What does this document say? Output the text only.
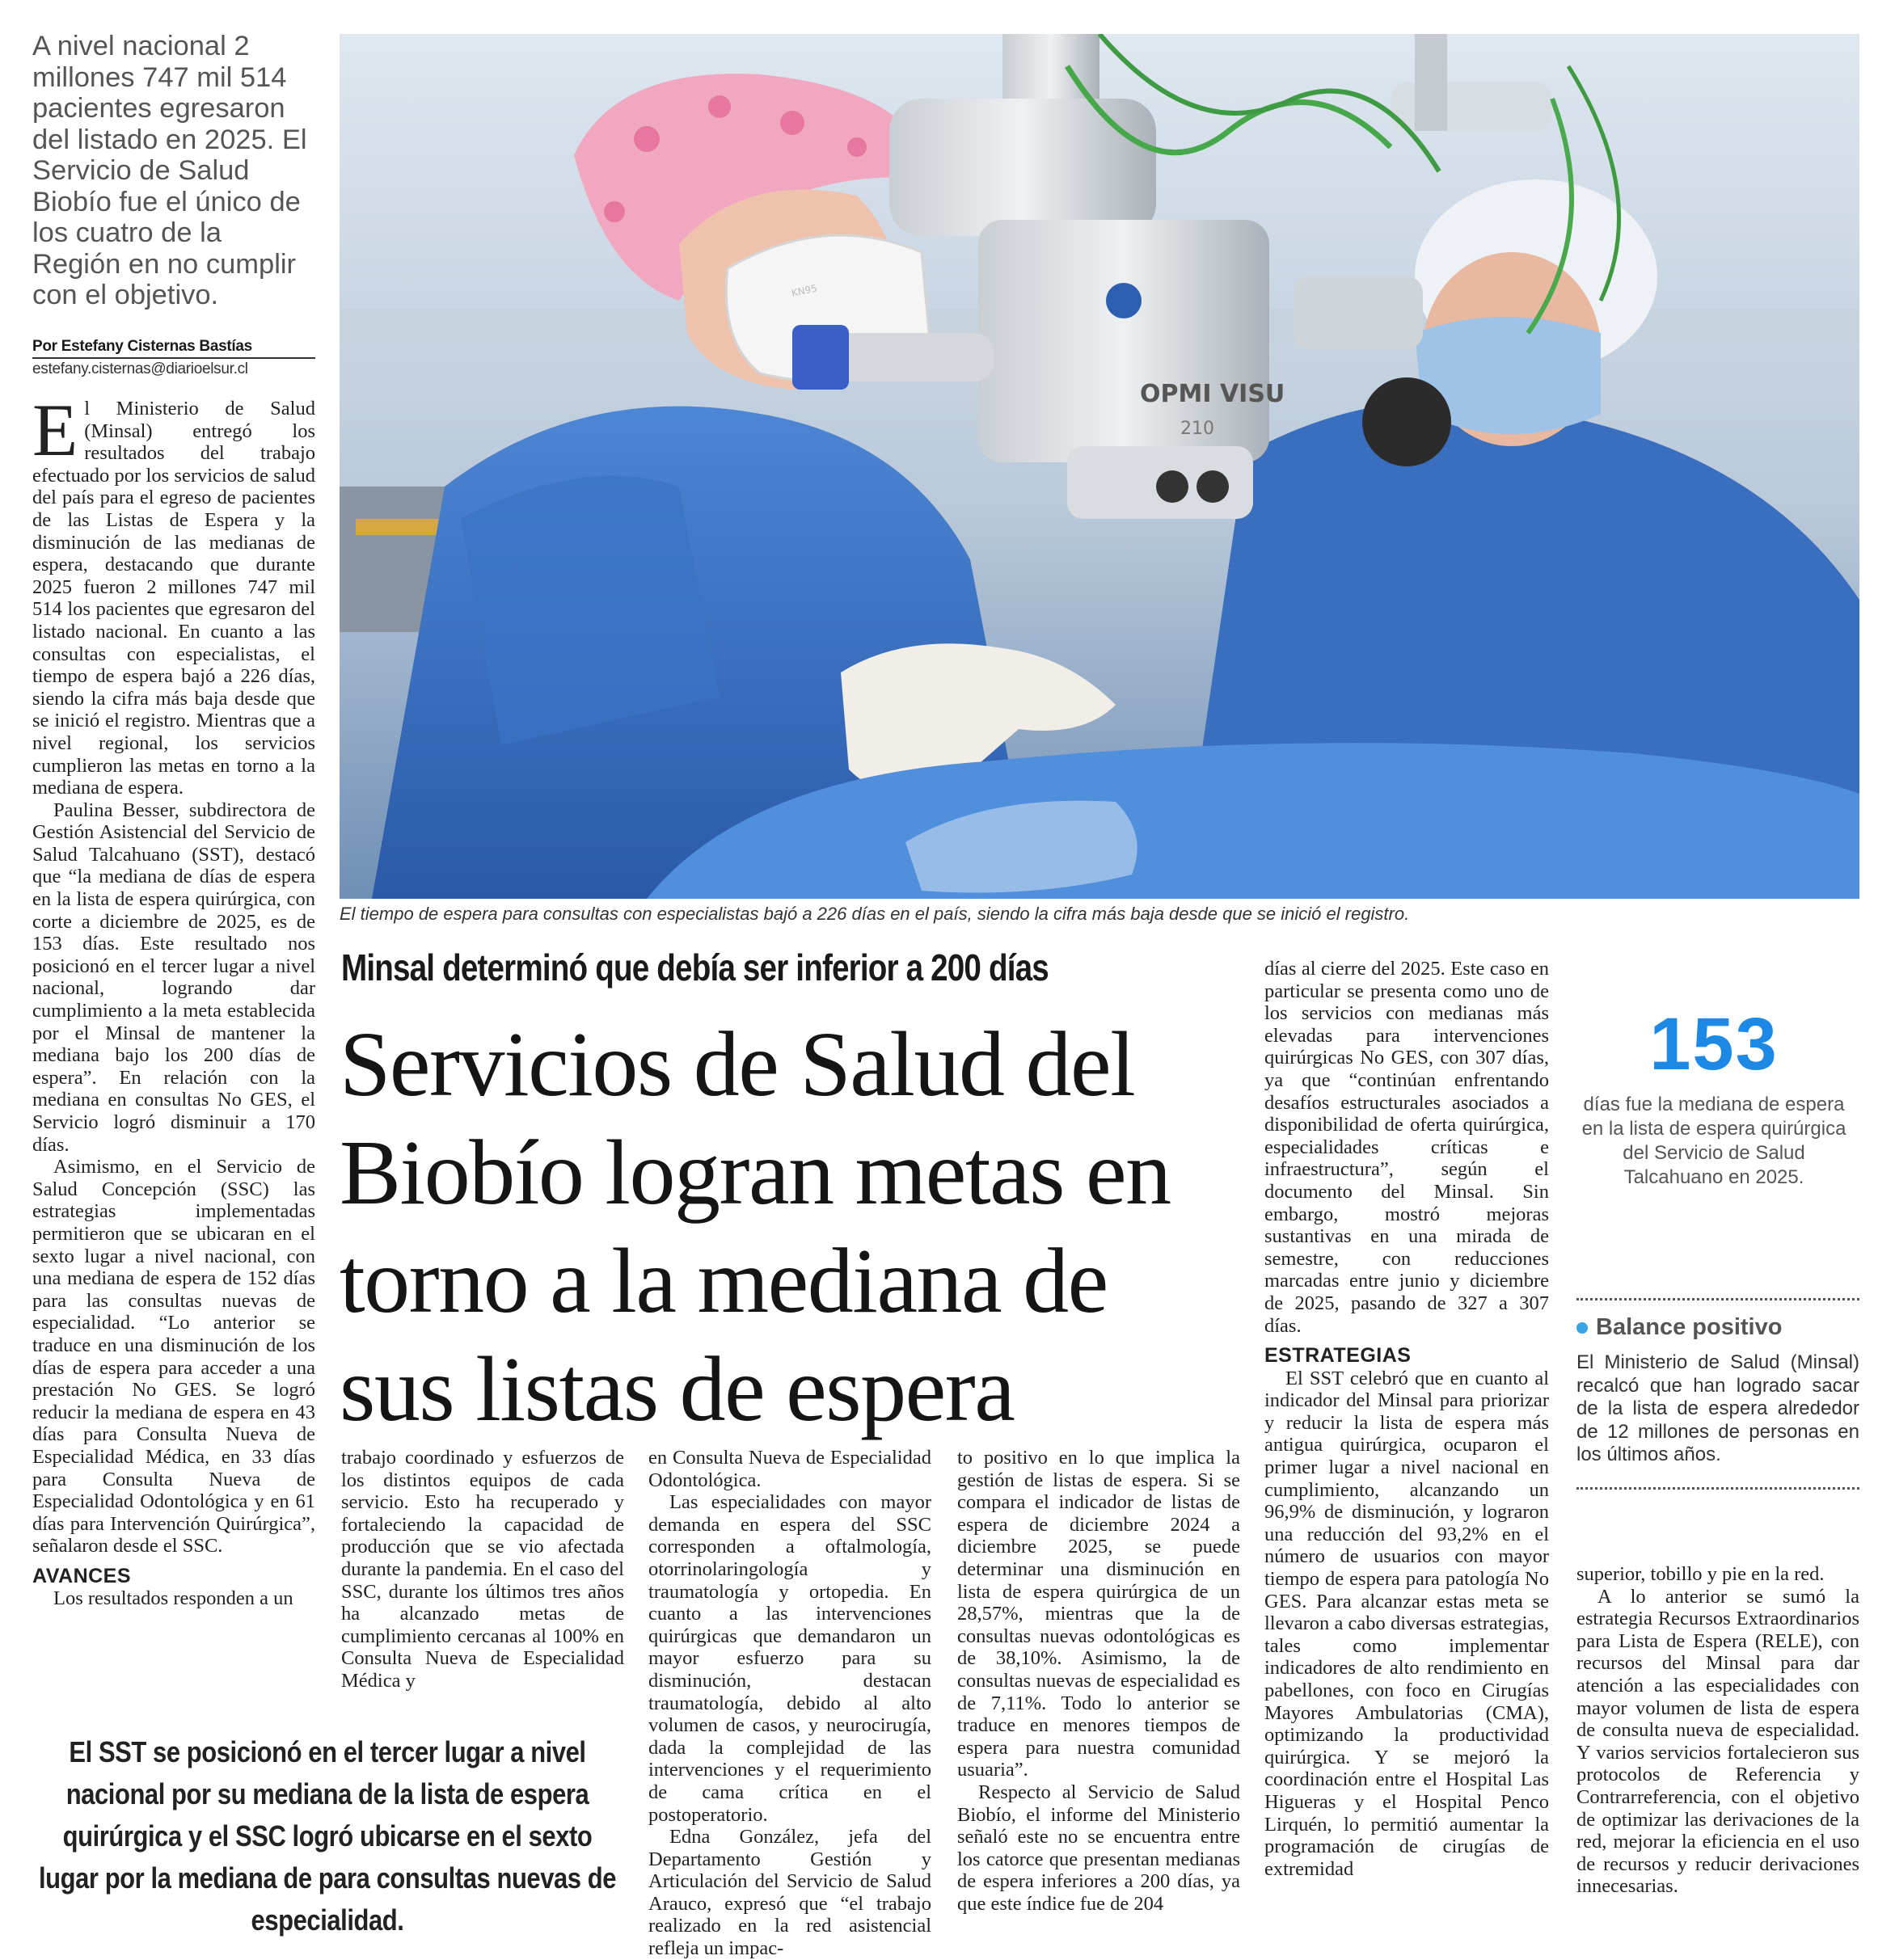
A nivel nacional 2 millones 747 mil 514 pacientes egresaron del listado en 2025. El Servicio de Salud Biobío fue el único de los cuatro de la Región en no cumplir con el objetivo.
Por Estefany Cisternas Bastías
estefany.cisternas@diarioelsur.cl
E l Ministerio de Salud (Minsal) entregó los resultados del trabajo efectuado por los servicios de salud del país para el egreso de pacientes de las Listas de Espera y la disminución de las medianas de espera, destacando que durante 2025 fueron 2 millones 747 mil 514 los pacientes que egresaron del listado nacional. En cuanto a las consultas con especialistas, el tiempo de espera bajó a 226 días, siendo la cifra más baja desde que se inició el registro. Mientras que a nivel regional, los servicios cumplieron las metas en torno a la mediana de espera.

Paulina Besser, subdirectora de Gestión Asistencial del Servicio de Salud Talcahuano (SST), destacó que “la mediana de días de espera en la lista de espera quirúrgica, con corte a diciembre de 2025, es de 153 días. Este resultado nos posicionó en el tercer lugar a nivel nacional, logrando dar cumplimiento a la meta establecida por el Minsal de mantener la mediana bajo los 200 días de espera”. En relación con la mediana en consultas No GES, el Servicio logró disminuir a 170 días.

Asimismo, en el Servicio de Salud Concepción (SSC) las estrategias implementadas permitieron que se ubicaran en el sexto lugar a nivel nacional, con una mediana de espera de 152 días para las consultas nuevas de especialidad. “Lo anterior se traduce en una disminución de los días de espera para acceder a una prestación No GES. Se logró reducir la mediana de espera en 43 días para Consulta Nueva de Especialidad Médica, en 33 días para Consulta Nueva de Especialidad Odontológica y en 61 días para Intervención Quirúrgica”, señalaron desde el SSC.

AVANCES

Los resultados responden a un

KN95
OPMI VISU
210
El tiempo de espera para consultas con especialistas bajó a 226 días en el país, siendo la cifra más baja desde que se inició el registro.
Minsal determinó que debía ser inferior a 200 días
Servicios de Salud del Biobío logran metas en torno a la mediana de sus listas de espera

trabajo coordinado y esfuerzos de los distintos equipos de cada servicio. Esto ha recuperado y fortaleciendo la capacidad de producción que se vio afectada durante la pandemia. En el caso del SSC, durante los últimos tres años ha alcanzado metas de cumplimiento cercanas al 100% en Consulta Nueva de Especialidad Médica y

en Consulta Nueva de Especialidad Odontológica.

Las especialidades con mayor demanda en espera del SSC corresponden a oftalmología, otorrinolaringología y traumatología y ortopedia. En cuanto a las intervenciones quirúrgicas que demandaron un mayor esfuerzo para su disminución, destacan traumatología, debido al alto volumen de casos, y neurocirugía, dada la complejidad de las intervenciones y el requerimiento de cama crítica en el postoperatorio.

Edna González, jefa del Departamento Gestión y Articulación del Servicio de Salud Arauco, expresó que “el trabajo realizado en la red asistencial refleja un impac-

to positivo en lo que implica la gestión de listas de espera. Si se compara el indicador de listas de espera de diciembre 2024 a diciembre 2025, se puede determinar una disminución en lista de espera quirúrgica de un 28,57%, mientras que la de consultas nuevas odontológicas es de 38,10%. Asimismo, la de consultas nuevas de especialidad es de 7,11%. Todo lo anterior se traduce en menores tiempos de espera para nuestra comunidad usuaria”.

Respecto al Servicio de Salud Biobío, el informe del Ministerio señaló este no se encuentra entre los catorce que presentan medianas de espera inferiores a 200 días, ya que este índice fue de 204

días al cierre del 2025. Este caso en particular se presenta como uno de los servicios con medianas más elevadas para intervenciones quirúrgicas No GES, con 307 días, ya que “continúan enfrentando desafíos estructurales asociados a disponibilidad de oferta quirúrgica, especialidades críticas e infraestructura”, según el documento del Minsal. Sin embargo, mostró mejoras sustantivas en una mirada de semestre, con reducciones marcadas entre junio y diciembre de 2025, pasando de 327 a 307 días.

ESTRATEGIAS

El SST celebró que en cuanto al indicador del Minsal para priorizar y reducir la lista de espera más antigua quirúrgica, ocuparon el primer lugar a nivel nacional en cumplimiento, alcanzando un 96,9% de disminución, y lograron una reducción del 93,2% en el número de usuarios con mayor tiempo de espera para patología No GES. Para alcanzar estas meta se llevaron a cabo diversas estrategias, tales como implementar indicadores de alto rendimiento en pabellones, con foco en Cirugías Mayores Ambulatorias (CMA), optimizando la productividad quirúrgica. Y se mejoró la coordinación entre el Hospital Las Higueras y el Hospital Penco Lirquén, lo permitió aumentar la programación de cirugías de extremidad

El SST se posicionó en el tercer lugar a nivel nacional por su mediana de la lista de espera quirúrgica y el SSC logró ubicarse en el sexto lugar por la mediana de para consultas nuevas de especialidad.
153
días fue la mediana de espera en la lista de espera quirúrgica del Servicio de Salud Talcahuano en 2025.
Balance positivo
El Ministerio de Salud (Minsal) recalcó que han logrado sacar de la lista de espera alrededor de 12 millones de personas en los últimos años.

superior, tobillo y pie en la red.

A lo anterior se sumó la estrategia Recursos Extraordinarios para Lista de Espera (RELE), con recursos del Minsal para dar atención a las especialidades con mayor volumen de lista de espera de consulta nueva de especialidad. Y varios servicios fortalecieron sus protocolos de Referencia y Contrarreferencia, con el objetivo de optimizar las derivaciones de la red, mejorar la eficiencia en el uso de recursos y reducir derivaciones innecesarias.
